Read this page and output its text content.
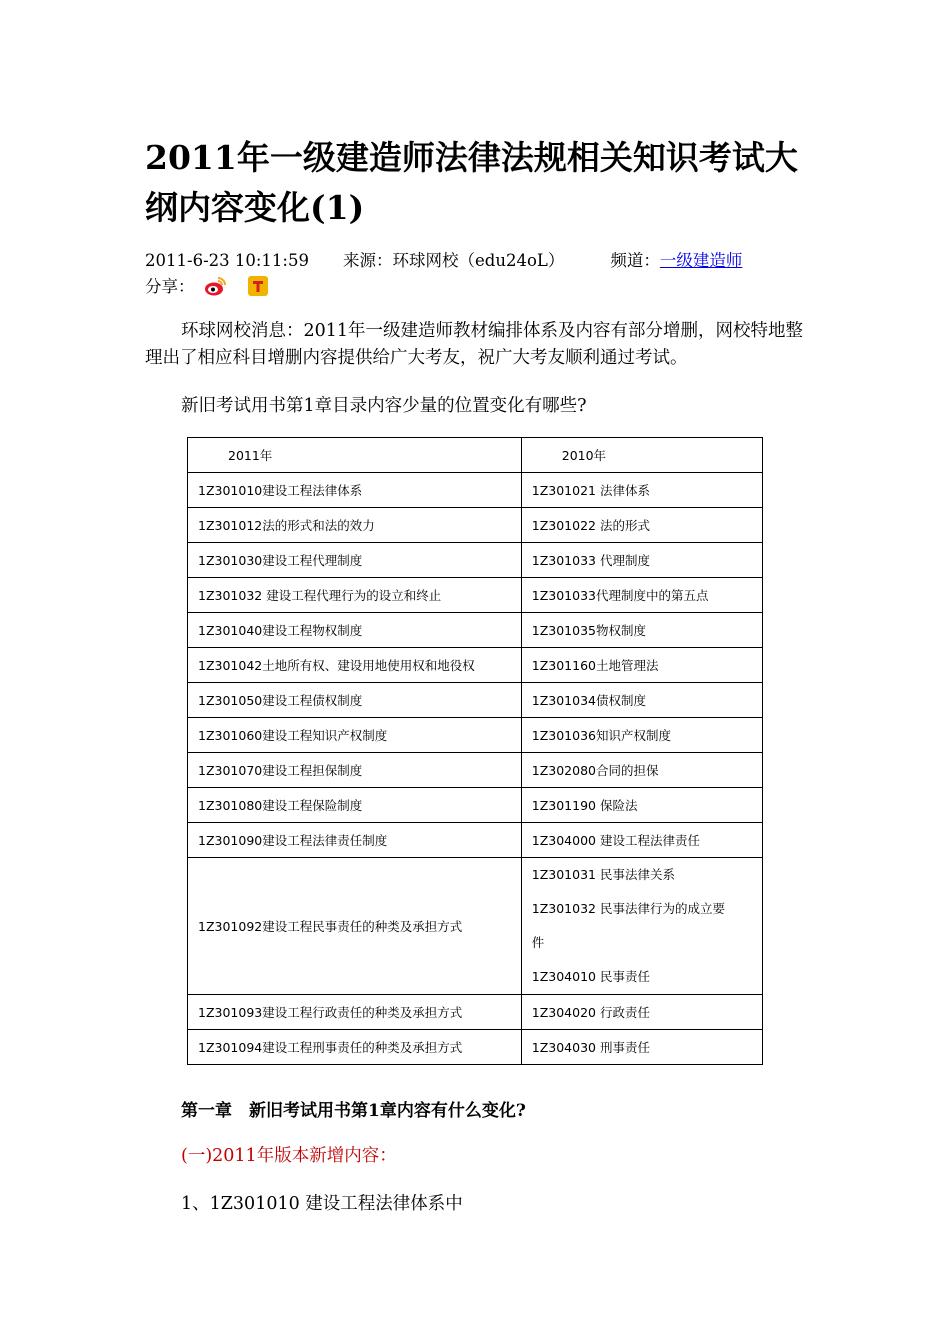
2011年一级建造师法律法规相关知识考试大纲内容变化(1)
2011-6-23 10:11:59 来源：环球网校（edu24oL）	频道：一级建造师分享：

环球网校消息：2011年一级建造师教材编排体系及内容有部分增删，网校特地整理出了相应科目增删内容提供给广大考友，祝广大考友顺利通过考试。

新旧考试用书第1章目录内容少量的位置变化有哪些?

2011年	2010年
1Z301010建设工程法律体系	1Z301021 法律体系
1Z301012法的形式和法的效力	1Z301022 法的形式
1Z301030建设工程代理制度	1Z301033 代理制度
1Z301032 建设工程代理行为的设立和终止	1Z301033代理制度中的第五点
1Z301040建设工程物权制度	1Z301035物权制度
1Z301042土地所有权、建设用地使用权和地役权	1Z301160土地管理法
1Z301050建设工程债权制度	1Z301034债权制度
1Z301060建设工程知识产权制度	1Z301036知识产权制度
1Z301070建设工程担保制度	1Z302080合同的担保
1Z301080建设工程保险制度	1Z301190 保险法
1Z301090建设工程法律责任制度	1Z304000 建设工程法律责任
1Z301092建设工程民事责任的种类及承担方式	1Z301031 民事法律关系
1Z301032 民事法律行为的成立要
件
1Z304010 民事责任

1Z301093建设工程行政责任的种类及承担方式	1Z304020 行政责任
1Z301094建设工程刑事责任的种类及承担方式	1Z304030 刑事责任

第一章　新旧考试用书第1章内容有什么变化?

(一)2011年版本新增内容：

1、1Z301010 建设工程法律体系中
